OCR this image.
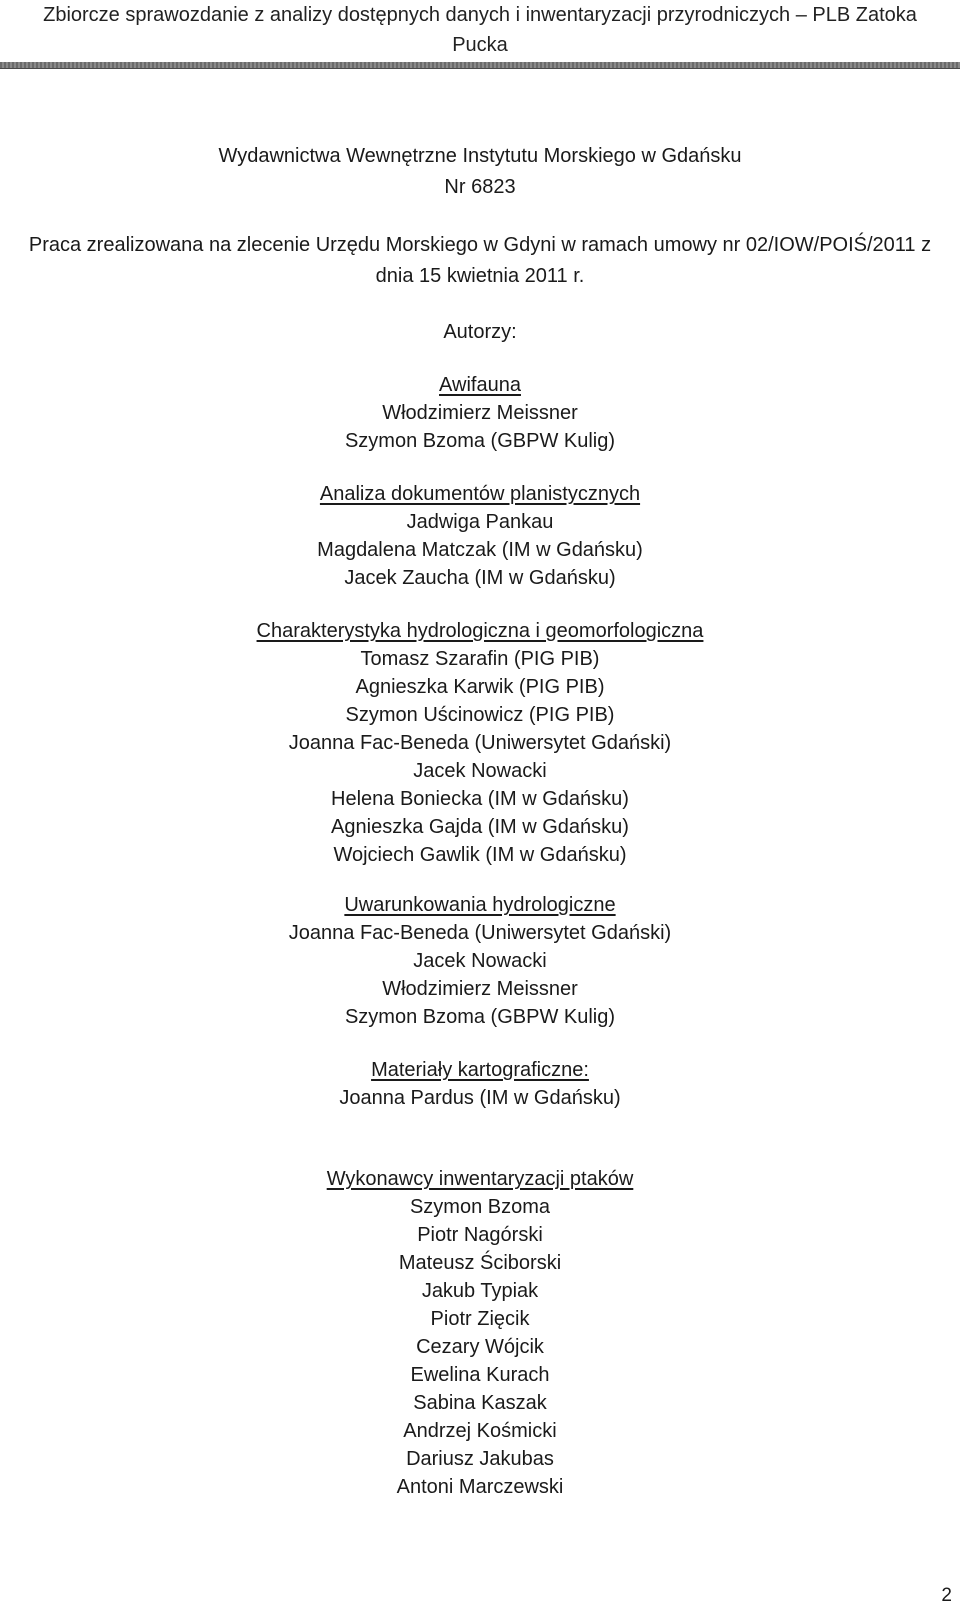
Zbiorcze sprawozdanie z analizy dostępnych danych i inwentaryzacji przyrodniczych – PLB Zatoka
Pucka
Wydawnictwa Wewnętrzne Instytutu Morskiego w Gdańsku
Nr 6823
Praca zrealizowana na zlecenie Urzędu Morskiego w Gdyni w ramach umowy nr 02/IOW/POIŚ/2011 z
dnia 15 kwietnia 2011 r.
Autorzy:
Awifauna
Włodzimierz Meissner
Szymon Bzoma (GBPW Kulig)
Analiza dokumentów planistycznych
Jadwiga Pankau
Magdalena Matczak (IM w Gdańsku)
Jacek Zaucha (IM w Gdańsku)
Charakterystyka hydrologiczna i geomorfologiczna
Tomasz Szarafin (PIG PIB)
Agnieszka Karwik (PIG PIB)
Szymon Uścinowicz (PIG PIB)
Joanna Fac-Beneda (Uniwersytet Gdański)
Jacek Nowacki
Helena Boniecka (IM w Gdańsku)
Agnieszka Gajda (IM w Gdańsku)
Wojciech Gawlik (IM w Gdańsku)
Uwarunkowania hydrologiczne
Joanna Fac-Beneda (Uniwersytet Gdański)
Jacek Nowacki
Włodzimierz Meissner
Szymon Bzoma (GBPW Kulig)
Materiały kartograficzne:
Joanna Pardus (IM w Gdańsku)
Wykonawcy inwentaryzacji ptaków
Szymon Bzoma
Piotr Nagórski
Mateusz Ściborski
Jakub Typiak
Piotr Zięcik
Cezary Wójcik
Ewelina Kurach
Sabina Kaszak
Andrzej Kośmicki
Dariusz Jakubas
Antoni Marczewski
2
